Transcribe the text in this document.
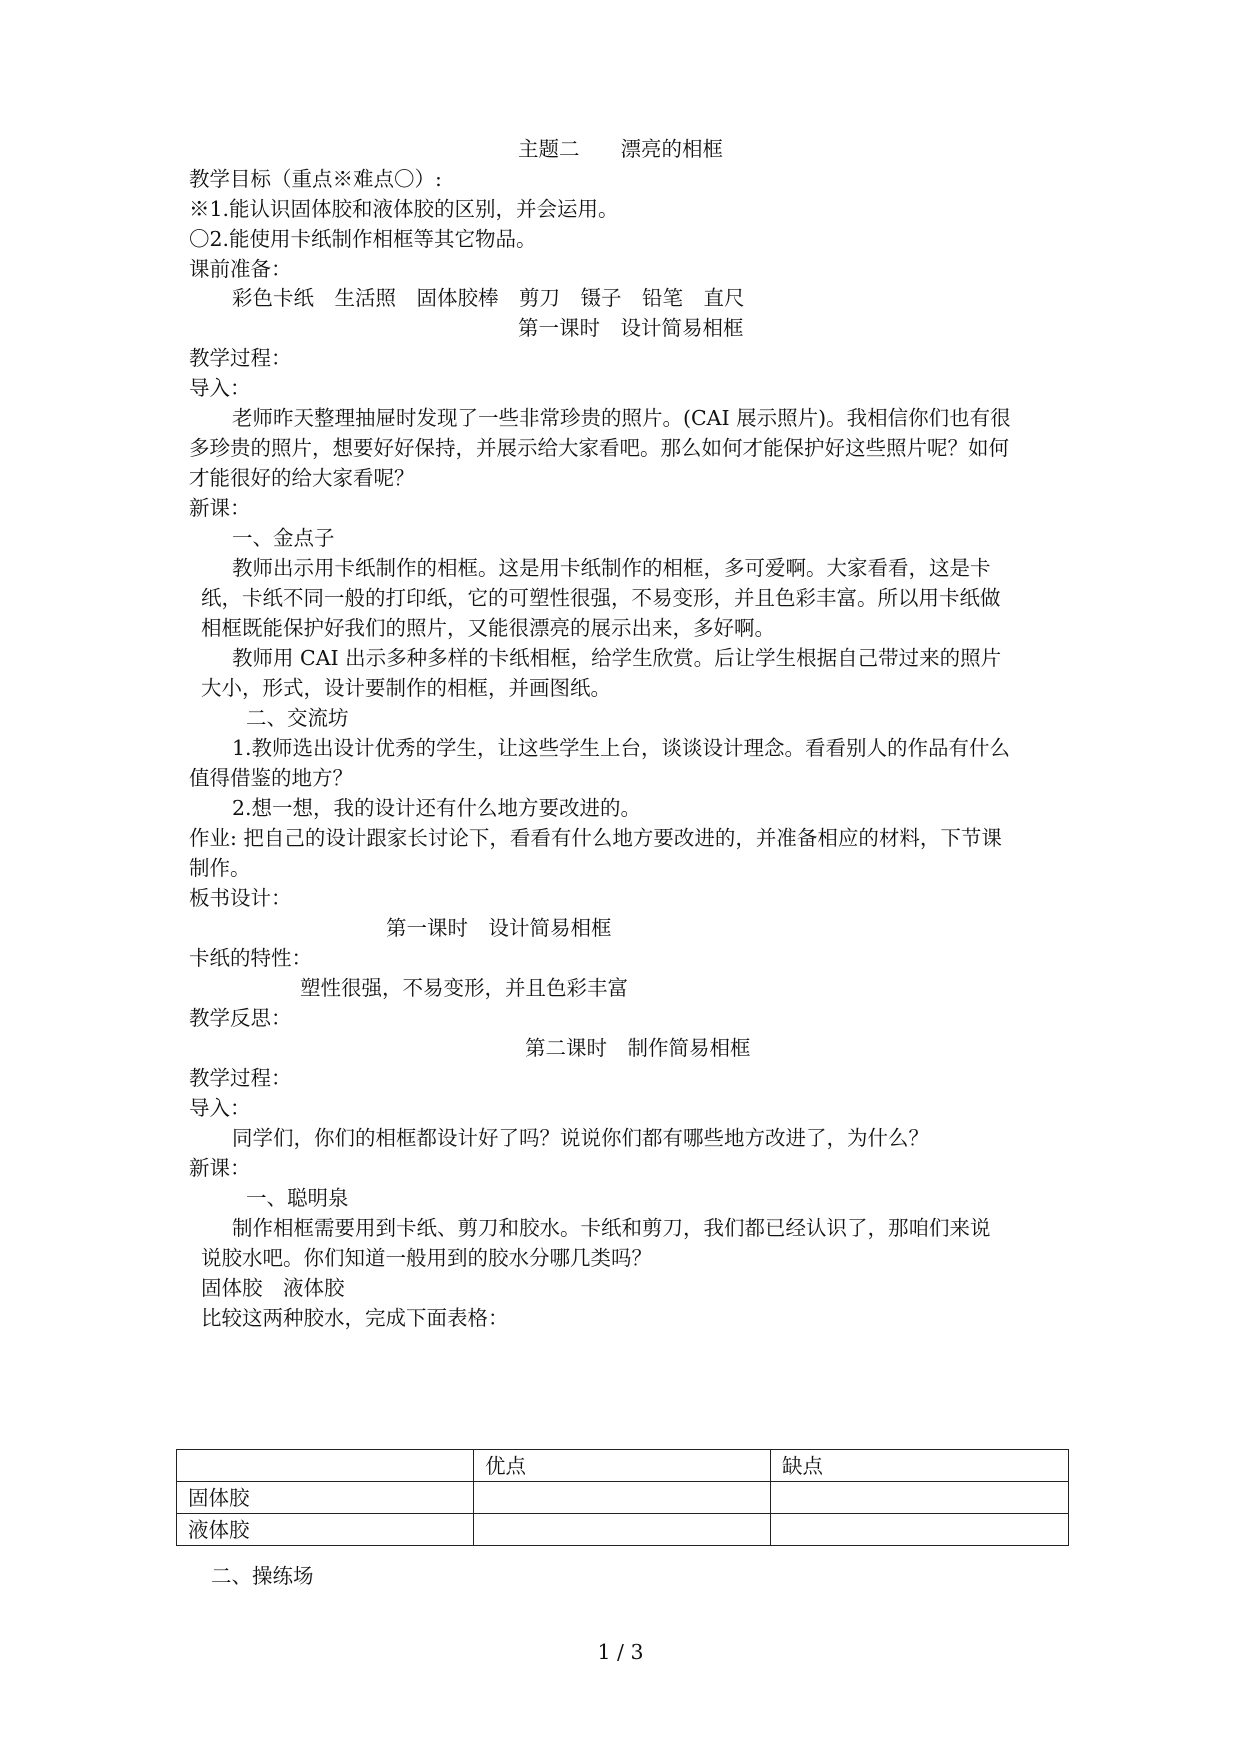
主题二　　漂亮的相框
教学目标（重点※难点〇）:
※1.能认识固体胶和液体胶的区别，并会运用。
〇2.能使用卡纸制作相框等其它物品。
课前准备：
彩色卡纸　生活照　固体胶棒　剪刀　镊子　铅笔　直尺
第一课时　设计简易相框
教学过程：
导入：
老师昨天整理抽屉时发现了一些非常珍贵的照片。(CAI 展示照片)。我相信你们也有很
多珍贵的照片，想要好好保持，并展示给大家看吧。那么如何才能保护好这些照片呢？如何
才能很好的给大家看呢？
新课：
一、金点子
教师出示用卡纸制作的相框。这是用卡纸制作的相框，多可爱啊。大家看看，这是卡
纸，卡纸不同一般的打印纸，它的可塑性很强，不易变形，并且色彩丰富。所以用卡纸做
相框既能保护好我们的照片，又能很漂亮的展示出来，多好啊。
教师用 CAI 出示多种多样的卡纸相框，给学生欣赏。后让学生根据自己带过来的照片
大小，形式，设计要制作的相框，并画图纸。
二、交流坊
1.教师选出设计优秀的学生，让这些学生上台，谈谈设计理念。看看别人的作品有什么
值得借鉴的地方？
2.想一想，我的设计还有什么地方要改进的。
作业: 把自己的设计跟家长讨论下，看看有什么地方要改进的，并准备相应的材料，下节课
制作。
板书设计：
第一课时　设计简易相框
卡纸的特性：
塑性很强，不易变形，并且色彩丰富
教学反思：
第二课时　制作简易相框
教学过程：
导入：
同学们，你们的相框都设计好了吗？说说你们都有哪些地方改进了，为什么？
新课：
一、聪明泉
制作相框需要用到卡纸、剪刀和胶水。卡纸和剪刀，我们都已经认识了，那咱们来说
说胶水吧。你们知道一般用到的胶水分哪几类吗？
固体胶　液体胶
比较这两种胶水，完成下面表格：
	优点	缺点
固体胶		
液体胶		
二、操练场
1 / 3
